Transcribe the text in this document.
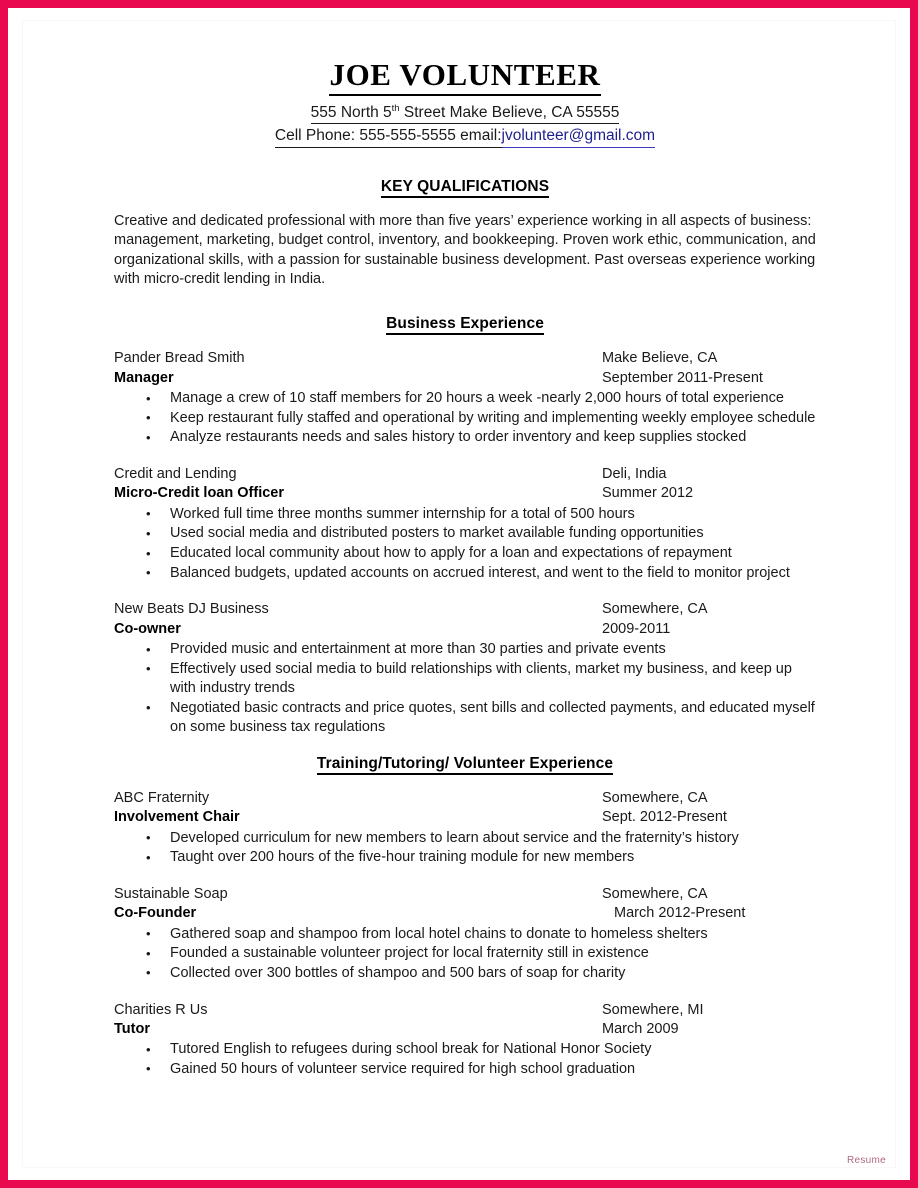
JOE VOLUNTEER
555 North 5th Street Make Believe, CA 55555
Cell Phone: 555-555-5555 email:jvolunteer@gmail.com
KEY QUALIFICATIONS

Creative and dedicated professional with more than five years’ experience working in all aspects of business: management, marketing, budget control, inventory, and bookkeeping. Proven work ethic, communication, and organizational skills, with a passion for sustainable business development. Past overseas experience working with micro-credit lending in India.

Business Experience
Pander Bread Smith	Make Believe, CA
Manager	September 2011-Present
• Manage a crew of 10 staff members for 20 hours a week -nearly 2,000 hours of total experience
• Keep restaurant fully staffed and operational by writing and implementing weekly employee schedule
• Analyze restaurants needs and sales history to order inventory and keep supplies stocked
Credit and Lending	Deli, India
Micro-Credit loan Officer	Summer 2012
• Worked full time three months summer internship for a total of 500 hours
• Used social media and distributed posters to market available funding opportunities
• Educated local community about how to apply for a loan and expectations of repayment
• Balanced budgets, updated accounts on accrued interest, and went to the field to monitor project
New Beats DJ Business	Somewhere, CA
Co-owner	2009-2011
• Provided music and entertainment at more than 30 parties and private events
• Effectively used social media to build relationships with clients, market my business, and keep up with industry trends
• Negotiated basic contracts and price quotes, sent bills and collected payments, and educated myself on some business tax regulations
Training/Tutoring/ Volunteer Experience
ABC Fraternity	Somewhere, CA
Involvement Chair	Sept. 2012-Present
• Developed curriculum for new members to learn about service and the fraternity’s history
• Taught over 200 hours of the five-hour training module for new members
Sustainable Soap	Somewhere, CA
Co-Founder	March 2012-Present
• Gathered soap and shampoo from local hotel chains to donate to homeless shelters
• Founded a sustainable volunteer project for local fraternity still in existence
• Collected over 300 bottles of shampoo and 500 bars of soap for charity
Charities R Us	Somewhere, MI
Tutor	March 2009
• Tutored English to refugees during school break for National Honor Society
• Gained 50 hours of volunteer service required for high school graduation
Resume
